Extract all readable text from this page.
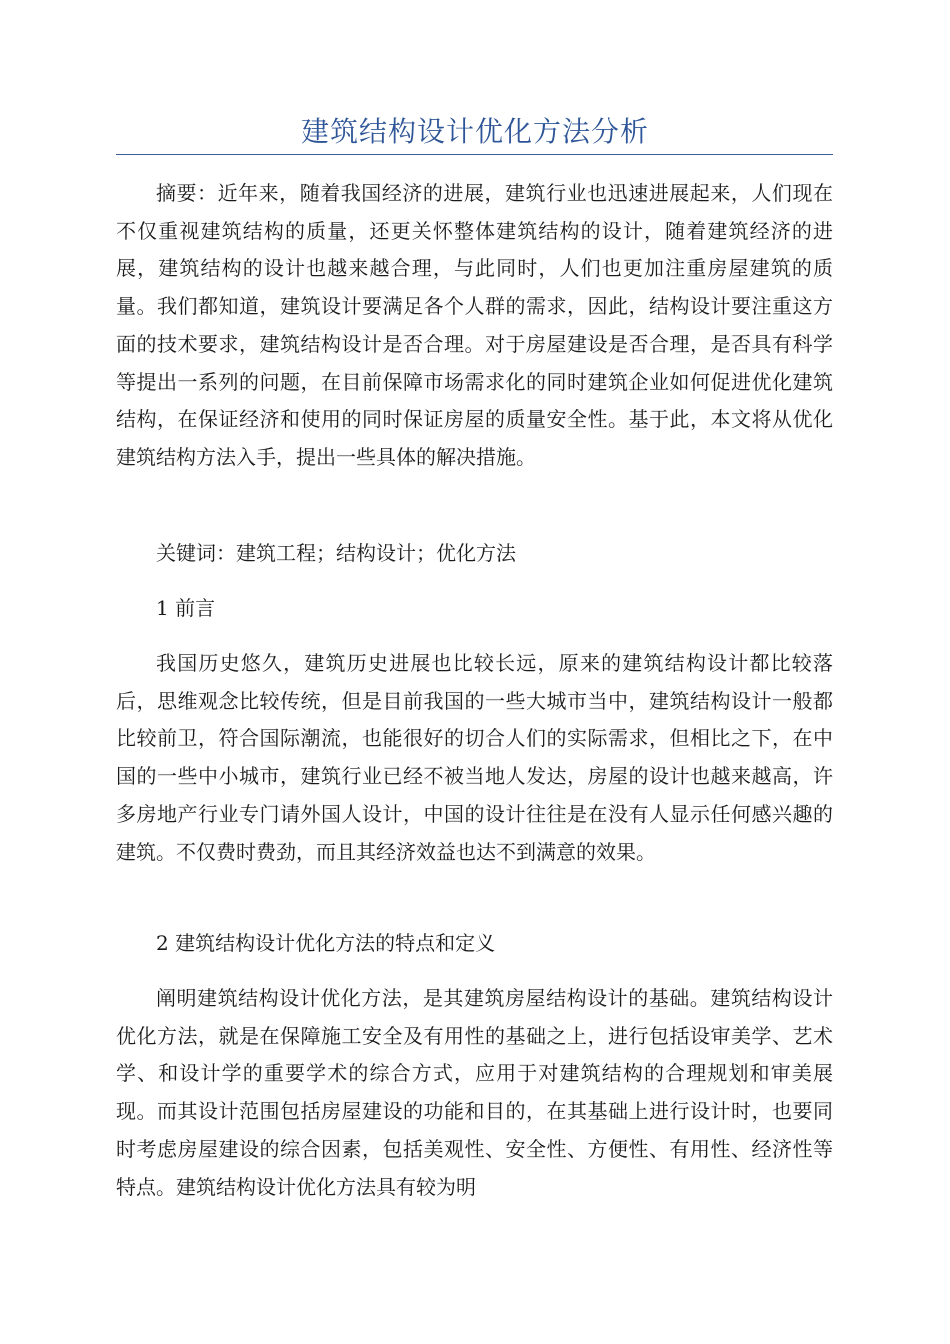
建筑结构设计优化方法分析

摘要：近年来，随着我国经济的进展，建筑行业也迅速进展起来，人们现在不仅重视建筑结构的质量，还更关怀整体建筑结构的设计，随着建筑经济的进展，建筑结构的设计也越来越合理，与此同时，人们也更加注重房屋建筑的质量。我们都知道，建筑设计要满足各个人群的需求，因此，结构设计要注重这方面的技术要求，建筑结构设计是否合理。对于房屋建设是否合理，是否具有科学等提出一系列的问题，在目前保障市场需求化的同时建筑企业如何促进优化建筑结构，在保证经济和使用的同时保证房屋的质量安全性。基于此，本文将从优化建筑结构方法入手，提出一些具体的解决措施。

关键词：建筑工程；结构设计；优化方法

1 前言

我国历史悠久，建筑历史进展也比较长远，原来的建筑结构设计都比较落后，思维观念比较传统，但是目前我国的一些大城市当中，建筑结构设计一般都比较前卫，符合国际潮流，也能很好的切合人们的实际需求，但相比之下，在中国的一些中小城市，建筑行业已经不被当地人发达，房屋的设计也越来越高，许多房地产行业专门请外国人设计，中国的设计往往是在没有人显示任何感兴趣的建筑。不仅费时费劲，而且其经济效益也达不到满意的效果。

2 建筑结构设计优化方法的特点和定义

阐明建筑结构设计优化方法，是其建筑房屋结构设计的基础。建筑结构设计优化方法，就是在保障施工安全及有用性的基础之上，进行包括设审美学、艺术学、和设计学的重要学术的综合方式，应用于对建筑结构的合理规划和审美展现。而其设计范围包括房屋建设的功能和目的，在其基础上进行设计时，也要同时考虑房屋建设的综合因素，包括美观性、安全性、方便性、有用性、经济性等特点。建筑结构设计优化方法具有较为明
